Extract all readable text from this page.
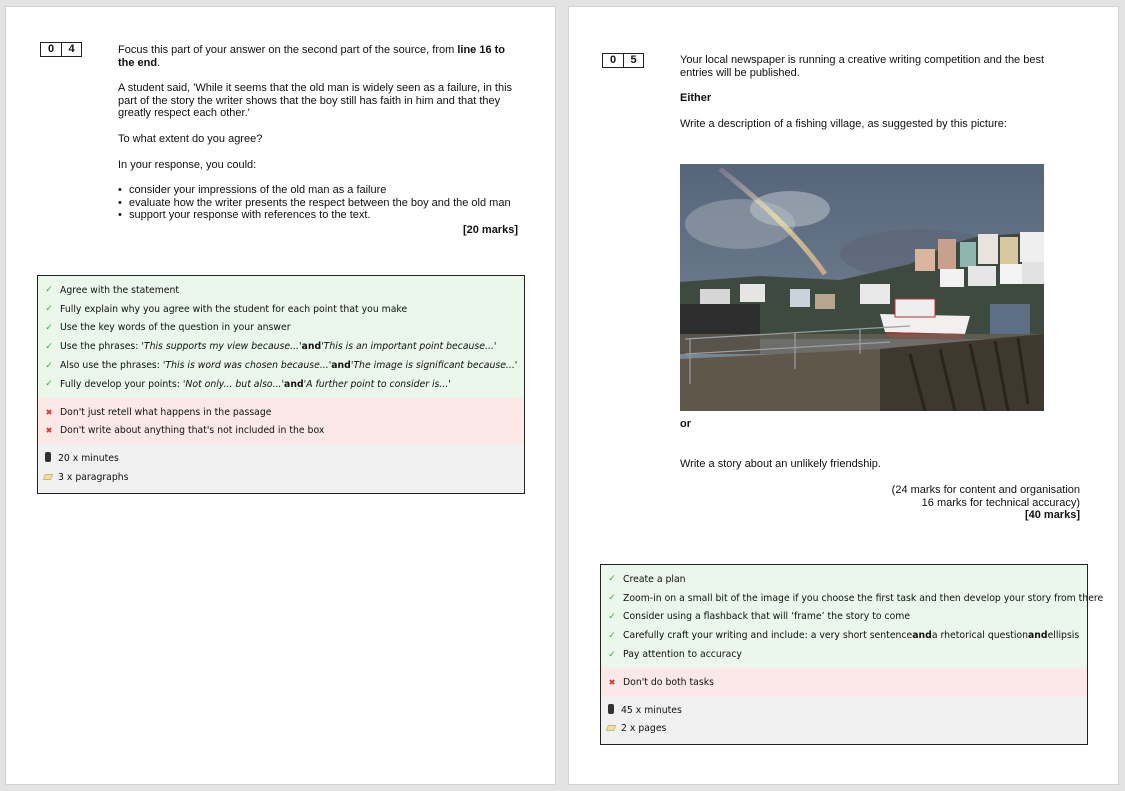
0	4	Focus this part of your answer on the second part of the source, from line 16 to the end.

A student said, 'While it seems that the old man is widely seen as a failure, in this part of the story the writer shows that the boy still has faith in him and that they greatly respect each other.'

To what extent do you agree?

In your response, you could:

• consider your impressions of the old man as a failure
• evaluate how the writer presents the respect between the boy and the old man
• support your response with references to the text.
[20 marks]
✓ Agree with the statement
✓ Fully explain why you agree with the student for each point that you make
✓ Use the key words of the question in your answer
✓ Use the phrases: ' This supports my view because... ' and ' This is an important point because... '
✓ Also use the phrases: ' This is word was chosen because... ' and ' The image is significant because... '
✓ Fully develop your points: ' Not only... but also... ' and ' A further point to consider is... '
✖ Don't just retell what happens in the passage
✖ Don't write about anything that's not included in the box
20 x minutes
3 x paragraphs
0	5	Your local newspaper is running a creative writing competition and the best entries will be published.

Either

Write a description of a fishing village, as suggested by this picture:

or

Write a story about an unlikely friendship.

(24 marks for content and organisation
16 marks for technical accuracy)
[40 marks]
✓ Create a plan
✓ Zoom-in on a small bit of the image if you choose the first task and then develop your story from there
✓ Consider using a flashback that will ‘frame’ the story to come
✓ Carefully craft your writing and include: a very short sentence and a rhetorical question and ellipsis
✓ Pay attention to accuracy
✖ Don't do both tasks
45 x minutes
2 x pages
